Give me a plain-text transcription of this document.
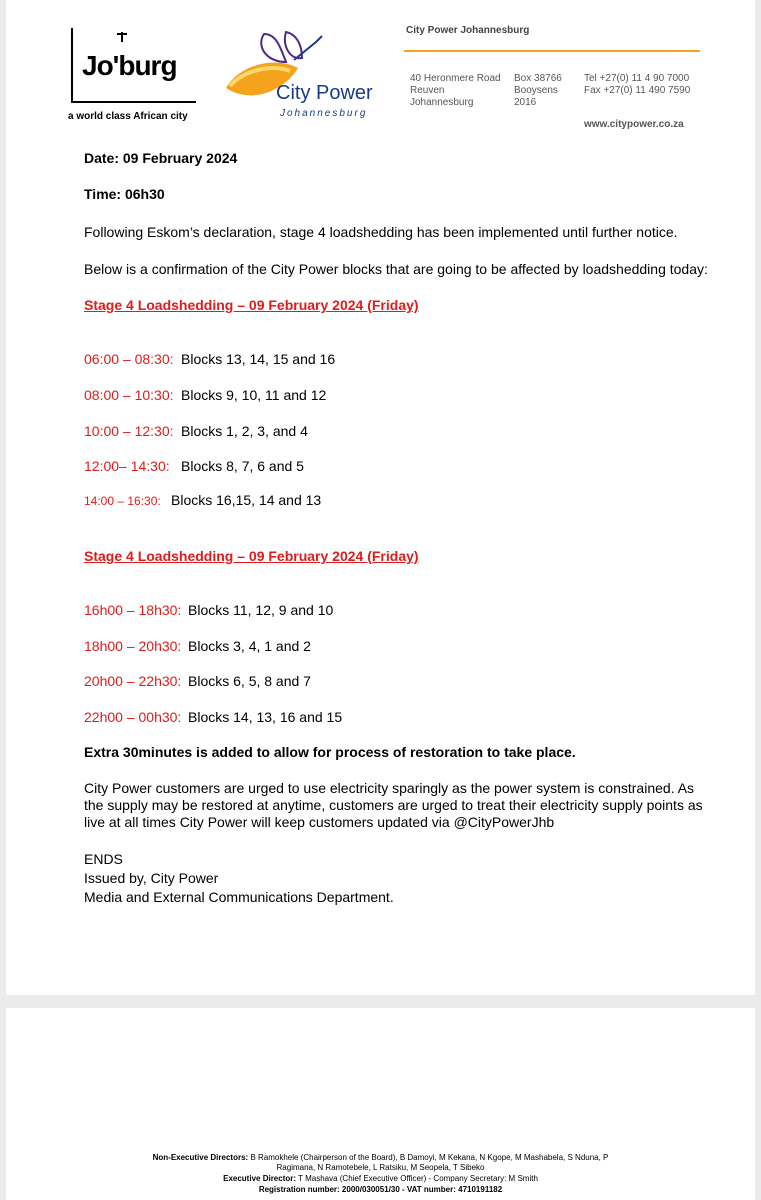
Jo'burg
a world class African city
City Power
Johannesburg
City Power Johannesburg
40 Heronmere Road
Reuven
Johannesburg
Box 38766
Booysens
2016
Tel +27(0) 11 4 90 7000
Fax +27(0) 11 490 7590
www.citypower.co.za
Date: 09 February 2024
Time: 06h30
Following Eskom’s declaration, stage 4 loadshedding has been implemented until further notice.
Below is a confirmation of the City Power blocks that are going to be affected by loadshedding today:
Stage 4 Loadshedding – 09 February 2024 (Friday)
06:00 – 08:30: Blocks 13, 14, 15 and 16
08:00 – 10:30: Blocks 9, 10, 11 and 12
10:00 – 12:30: Blocks 1, 2, 3, and 4
12:00– 14:30: Blocks 8, 7, 6 and 5
14:00 – 16:30: Blocks 16,15, 14 and 13
Stage 4 Loadshedding – 09 February 2024 (Friday)
16h00 – 18h30: Blocks 11, 12, 9 and 10
18h00 – 20h30: Blocks 3, 4, 1 and 2
20h00 – 22h30: Blocks 6, 5, 8 and 7
22h00 – 00h30: Blocks 14, 13, 16 and 15
Extra 30minutes is added to allow for process of restoration to take place.
City Power customers are urged to use electricity sparingly as the power system is constrained. As
the supply may be restored at anytime, customers are urged to treat their electricity supply points as
live at all times City Power will keep customers updated via @CityPowerJhb
ENDS
Issued by, City Power
Media and External Communications Department.
Non-Executive Directors: B Ramokhele (Chairperson of the Board), B Damoyi, M Kekana, N Kgope, M Mashabela, S Nduna, P
Ragimana, N Ramotebele, L Ratsiku, M Seopela, T Sibeko
Executive Director: T Mashava (Chief Executive Officer) - Company Secretary: M Smith
Registration number: 2000/030051/30 - VAT number: 4710191182
